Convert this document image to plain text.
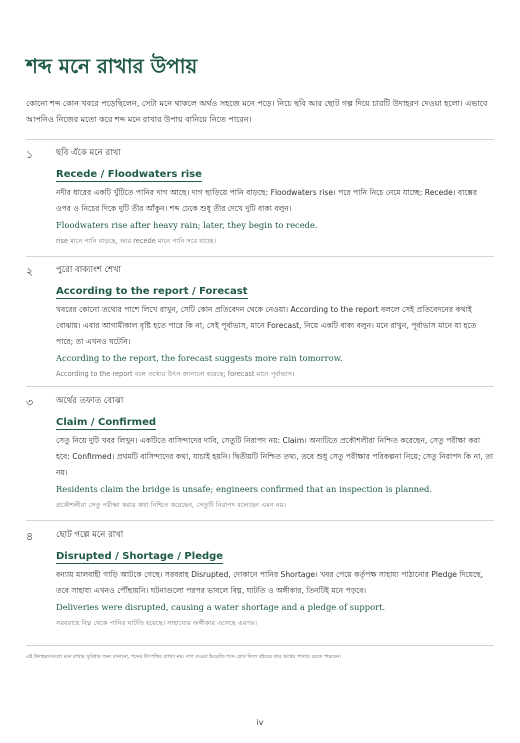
শব্দ মনে রাখার উপায়
কোনো শব্দ কোন খবরে পড়েছিলেন, সেটা মনে থাকলে অর্থও সহজে মনে পড়ে। নিচে ছবি আর ছোট গল্প দিয়ে চারটি উদাহরণ দেওয়া হলো। এভাবে আপনিও নিজের মতো করে শব্দ মনে রাখার উপায় বানিয়ে নিতে পারেন।
১	ছবি এঁকে মনে রাখা
Recede / Floodwaters rise
নদীর ধারের একটি খুঁটিতে পানির দাগ আছে। দাগ ছাড়িয়ে পানি বাড়ছে: Floodwaters rise। পরে পানি নিচে নেমে যাচ্ছে: Recede। বাক্সের ওপর ও নিচের দিকে দুটি তীর আঁকুন। শব্দ ঢেকে শুধু তীর দেখে দুটি বাক্য বলুন।
Floodwaters rise after heavy rain; later, they begin to recede.
rise মানে পানি বাড়ছে, আর recede মানে পানি সরে যাচ্ছে।
২	পুরো বাক্যাংশ শেখা
According to the report / Forecast
খবরের কোনো তথ্যের পাশে লিখে রাখুন, সেটি কোন প্রতিবেদন থেকে নেওয়া। According to the report বললে সেই প্রতিবেদনের কথাই বোঝায়। এবার আগামীকাল বৃষ্টি হতে পারে কি না, সেই পূর্বাভাস, মানে Forecast, নিয়ে একটি বাক্য বলুন। মনে রাখুন, পূর্বাভাস মানে যা হতে পারে; তা এখনও ঘটেনি।
According to the report, the forecast suggests more rain tomorrow.
According to the report বলে তথ্যের উৎস জানানো হয়েছে; forecast মানে পূর্বাভাস।
৩	অর্থের তফাত বোঝা
Claim / Confirmed
সেতু নিয়ে দুটি খবর লিখুন। একটিতে বাসিন্দাদের দাবি, সেতুটি নিরাপদ নয়: Claim। অন্যটিতে প্রকৌশলীরা নিশ্চিত করেছেন, সেতু পরীক্ষা করা হবে: Confirmed। প্রথমটি বাসিন্দাদের কথা, যাচাই হয়নি। দ্বিতীয়টি নিশ্চিত তথ্য, তবে শুধু সেতু পরীক্ষার পরিকল্পনা নিয়ে; সেতু নিরাপদ কি না, তা নয়।
Residents claim the bridge is unsafe; engineers confirmed that an inspection is planned.
প্রকৌশলীরা সেতু পরীক্ষা করার কথা নিশ্চিত করেছেন, সেতুটি নিরাপদ বলেছেন এমন নয়।
৪	ছোট গল্পে মনে রাখা
Disrupted / Shortage / Pledge
বন্যায় মালবাহী গাড়ি আটকে গেছে। সরবরাহ Disrupted, দোকানে পানির Shortage। খবর পেয়ে কর্তৃপক্ষ সাহায্য পাঠানোর Pledge দিয়েছে, তবে সাহায্য এখনও পৌঁছায়নি। ঘটনাগুলো পরপর ভাবলে বিঘ্ন, ঘাটতি ও অঙ্গীকার, তিনটিই মনে পড়বে।
Deliveries were disrupted, causing a water shortage and a pledge of support.
সরবরাহে বিঘ্ন থেকে পানির ঘাটতি হয়েছে। সাহায্যের অঙ্গীকার এসেছে এরপর।
এই উদাহরণগুলো মনে রাখার সুবিধার জন্য বানানো, শব্দের উৎপত্তির ব্যাখ্যা নয়। দাগ দেওয়া ইংরেজি শব্দে চোখ দিলে বইয়ের তার অর্থের পাতায় যেতে পারবেন।
iv
